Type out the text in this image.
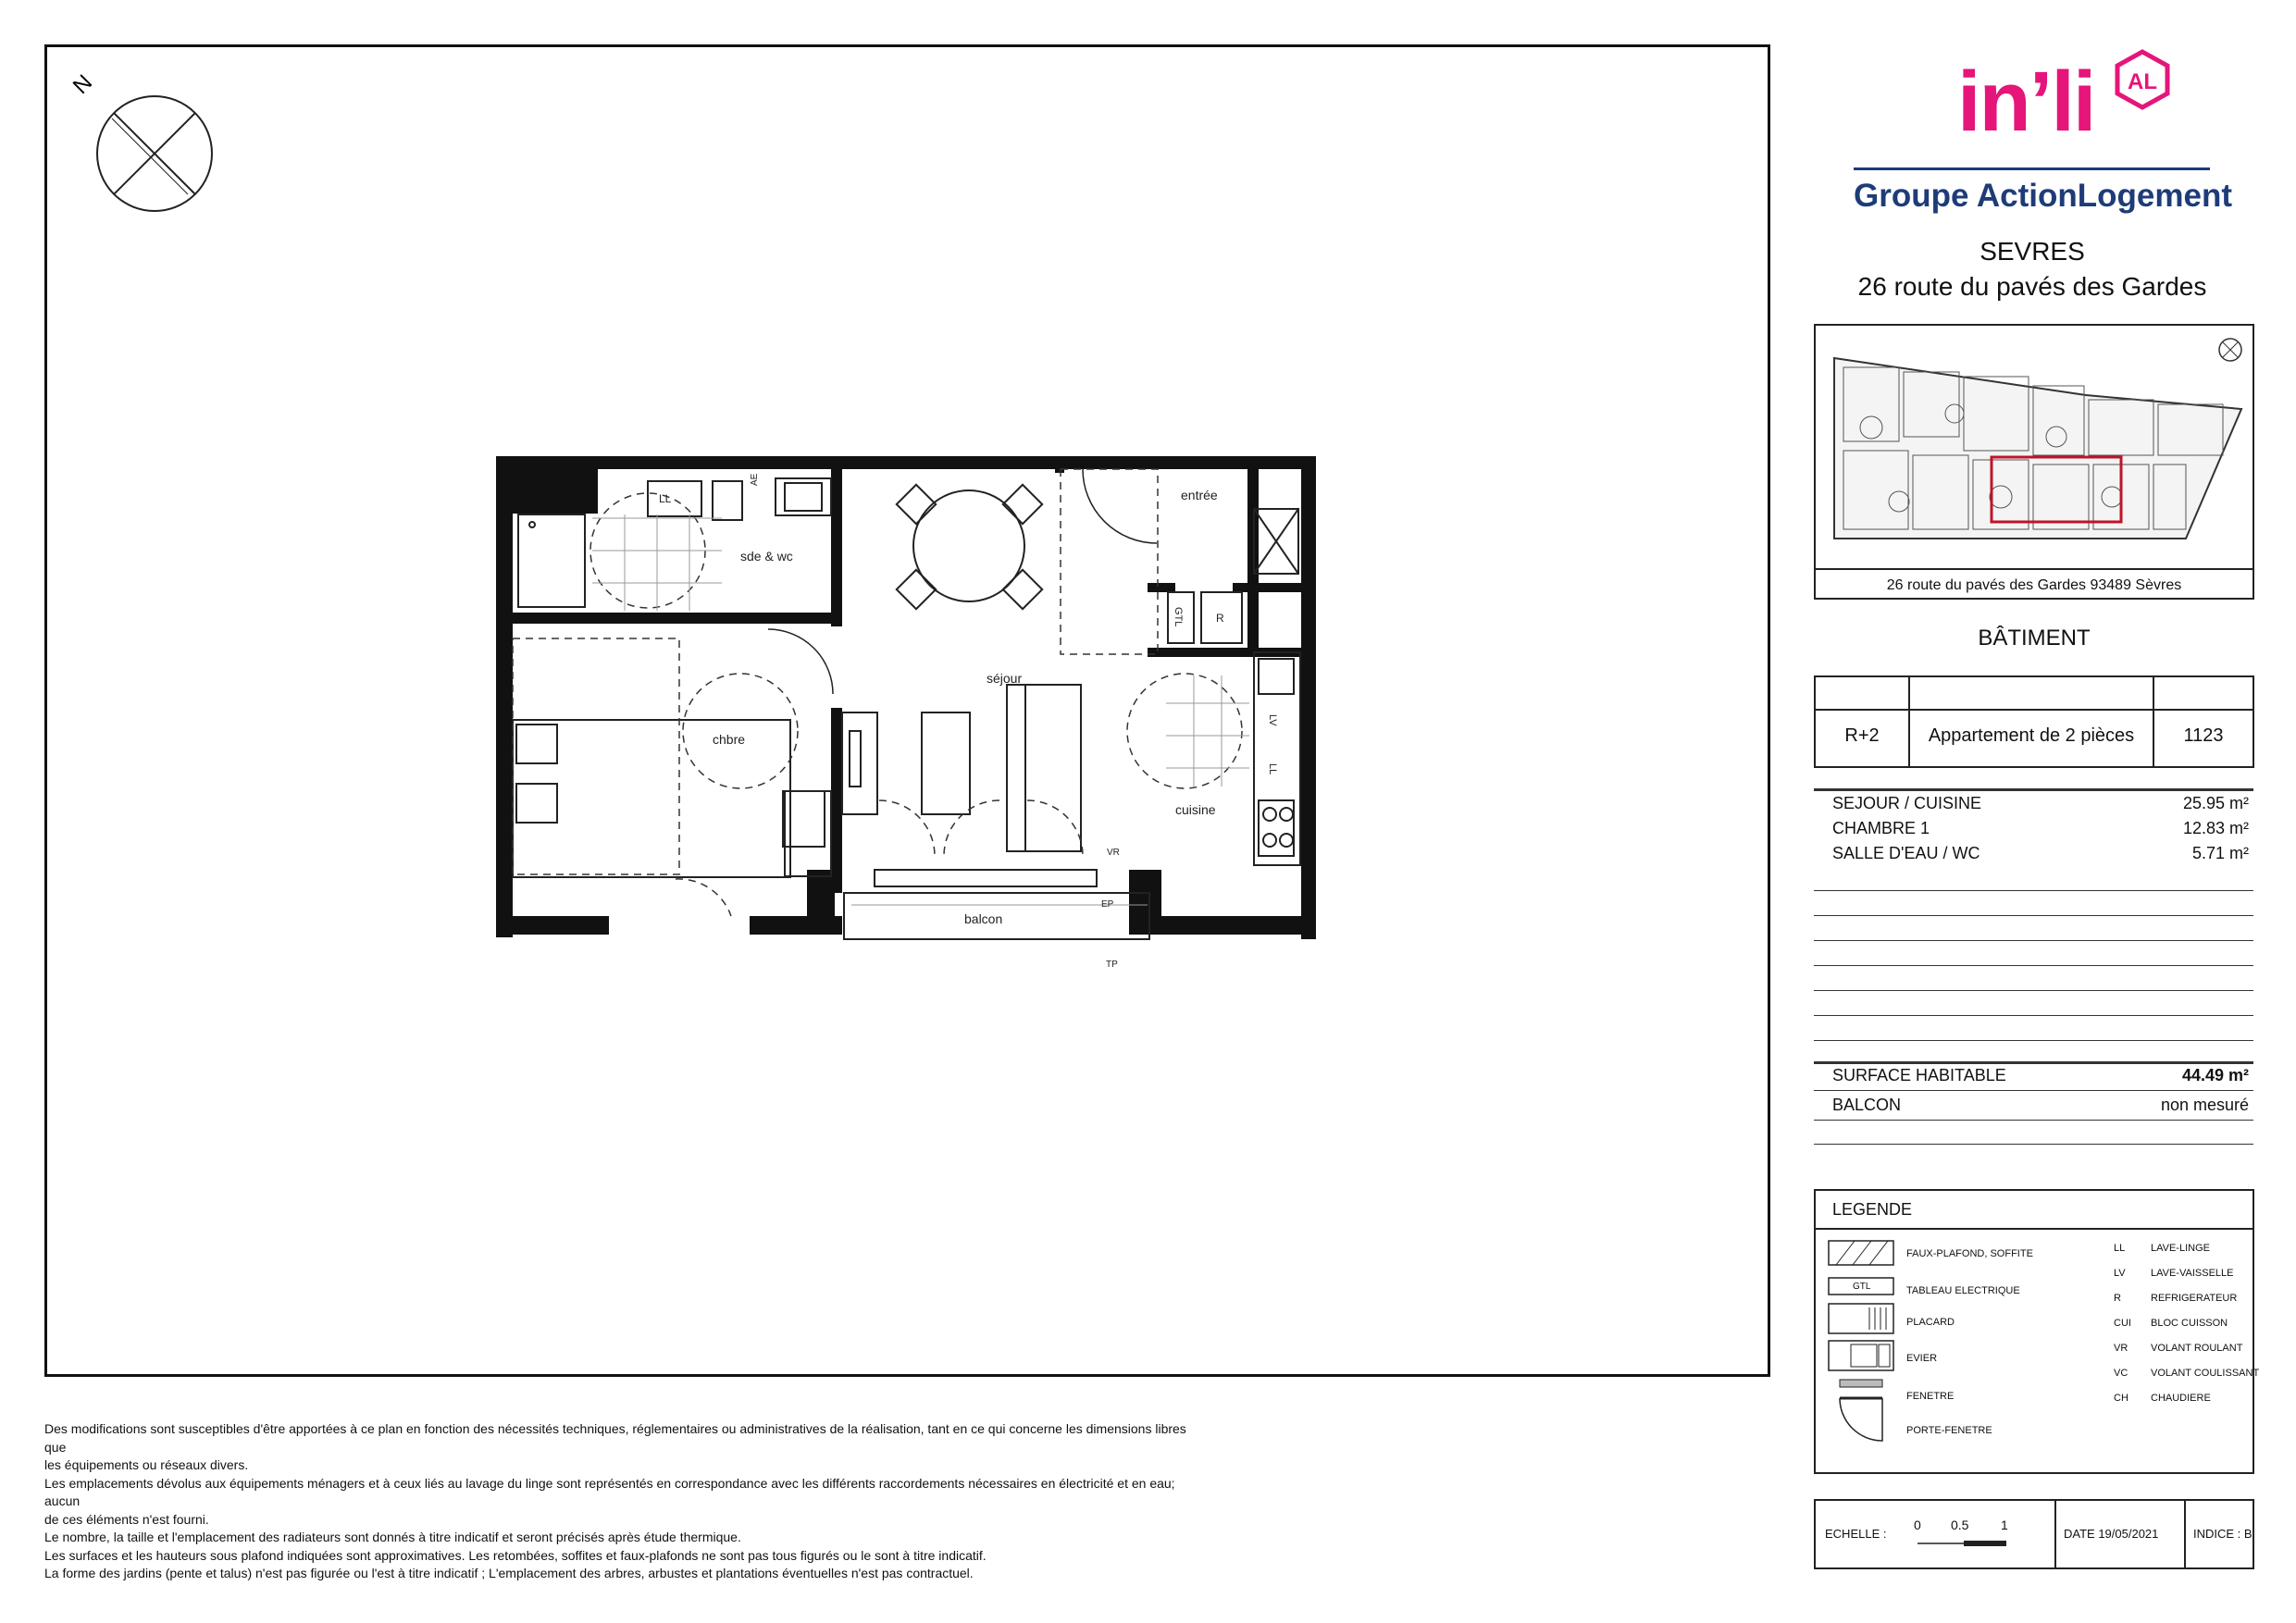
N
sde & wc
chbre
séjour
entrée
cuisine
balcon
LL
AE
R
GTL
LV
LL
VR
EP
TP
in’li AL
Groupe ActionLogement
SEVRES
26 route du pavés des Gardes
26 route du pavés des Gardes 93489 Sèvres
BÂTIMENT
R+2	Appartement de 2 pièces	1123
SEJOUR / CUISINE	25.95 m²
CHAMBRE 1	12.83 m²
SALLE D'EAU / WC	5.71 m²
SURFACE HABITABLE	44.49 m²
BALCON	non mesuré
LEGENDE
GTL
FAUX-PLAFOND, SOFFITE
TABLEAU ELECTRIQUE
PLACARD
EVIER
FENETRE
PORTE-FENETRE
LL	LAVE-LINGE
LV LAVE-VAISSELLE
R	REFRIGERATEUR
CUI BLOC CUISSON
VR VOLANT ROULANT
VC VOLANT COULISSANT
CH CHAUDIERE
ECHELLE :
0 0.5 1
DATE 19/05/2021	INDICE : B

Des modifications sont susceptibles d'être apportées à ce plan en fonction des nécessités techniques, réglementaires ou administratives de la réalisation, tant en ce qui concerne les dimensions libres que

les équipements ou réseaux divers.

Les emplacements dévolus aux équipements ménagers et à ceux liés au lavage du linge sont représentés en correspondance avec les différents raccordements nécessaires en électricité et en eau; aucun

de ces éléments n'est fourni.

Le nombre, la taille et l'emplacement des radiateurs sont donnés à titre indicatif et seront précisés après étude thermique.

Les surfaces et les hauteurs sous plafond indiquées sont approximatives. Les retombées, soffites et faux-plafonds ne sont pas tous figurés ou le sont à titre indicatif.

La forme des jardins (pente et talus) n'est pas figurée ou l'est à titre indicatif ; L'emplacement des arbres, arbustes et plantations éventuelles n'est pas contractuel.
